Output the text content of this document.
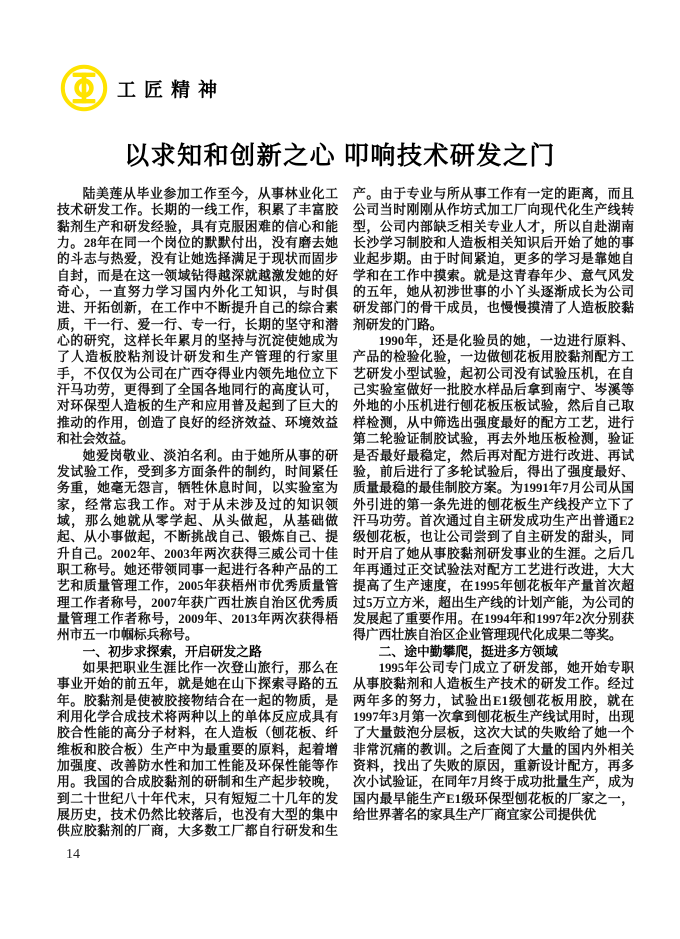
工匠精神
以求知和创新之心 叩响技术研发之门

陆美莲从毕业参加工作至今，从事林业化工技术研发工作。长期的一线工作，积累了丰富胶黏剂生产和研发经验，具有克服困难的信心和能力。28年在同一个岗位的默默付出，没有磨去她的斗志与热爱，没有让她选择满足于现状而固步自封，而是在这一领域钻得越深就越激发她的好奇心，一直努力学习国内外化工知识，与时俱进、开拓创新，在工作中不断提升自己的综合素质，干一行、爱一行、专一行，长期的坚守和潜心的研究，这样长年累月的坚持与沉淀使她成为了人造板胶粘剂设计研发和生产管理的行家里手，不仅仅为公司在广西夺得业内领先地位立下汗马功劳，更得到了全国各地同行的高度认可，对环保型人造板的生产和应用普及起到了巨大的推动的作用，创造了良好的经济效益、环境效益和社会效益。

她爱岗敬业、淡泊名利。由于她所从事的研发试验工作，受到多方面条件的制约，时间紧任务重，她毫无怨言，牺牲休息时间，以实验室为家，经常忘我工作。对于从未涉及过的知识领域，那么她就从零学起、从头做起，从基础做起、从小事做起，不断挑战自己、锻炼自己、提升自己。2002年、2003年两次获得三威公司十佳职工称号。她还带领同事一起进行各种产品的工艺和质量管理工作，2005年获梧州市优秀质量管理工作者称号，2007年获广西壮族自治区优秀质量管理工作者称号，2009年、2013年两次获得梧州市五一巾帼标兵称号。

一、初步求探索，开启研发之路

如果把职业生涯比作一次登山旅行，那么在事业开始的前五年，就是她在山下探索寻路的五年。胶黏剂是使被胶接物结合在一起的物质，是利用化学合成技术将两种以上的单体反应成具有胶合性能的高分子材料，在人造板（刨花板、纤维板和胶合板）生产中为最重要的原料，起着增加强度、改善防水性和加工性能及环保性能等作用。我国的合成胶黏剂的研制和生产起步较晚，到二十世纪八十年代末，只有短短二十几年的发展历史，技术仍然比较落后，也没有大型的集中供应胶黏剂的厂商，大多数工厂都自行研发和生产。由于专业与所从事工作有一定的距离，而且公司当时刚刚从作坊式加工厂向现代化生产线转型，公司内部缺乏相关专业人才，所以自赴湖南长沙学习制胶和人造板相关知识后开始了她的事业起步期。由于时间紧迫，更多的学习是靠她自学和在工作中摸索。就是这青春年少、意气风发的五年，她从初涉世事的小丫头逐渐成长为公司研发部门的骨干成员，也慢慢摸清了人造板胶黏剂研发的门路。

1990年，还是化验员的她，一边进行原料、产品的检验化验，一边做刨花板用胶黏剂配方工艺研发小型试验，起初公司没有试验压机，在自己实验室做好一批胶水样品后拿到南宁、岑溪等外地的小压机进行刨花板压板试验，然后自己取样检测，从中筛选出强度最好的配方工艺，进行第二轮验证制胶试验，再去外地压板检测，验证是否最好最稳定，然后再对配方进行改进、再试验，前后进行了多轮试验后，得出了强度最好、质量最稳的最佳制胶方案。为1991年7月公司从国外引进的第一条先进的刨花板生产线投产立下了汗马功劳。首次通过自主研发成功生产出普通E2级刨花板，也让公司尝到了自主研发的甜头，同时开启了她从事胶黏剂研发事业的生涯。之后几年再通过正交试验法对配方工艺进行改进，大大提高了生产速度，在1995年刨花板年产量首次超过5万立方米，超出生产线的计划产能，为公司的发展起了重要作用。在1994年和1997年2次分别获得广西壮族自治区企业管理现代化成果二等奖。

二、途中勤攀爬，挺进多方领域

1995年公司专门成立了研发部，她开始专职从事胶黏剂和人造板生产技术的研发工作。经过两年多的努力，试验出E1级刨花板用胶，就在1997年3月第一次拿到刨花板生产线试用时，出现了大量鼓泡分层板，这次大试的失败给了她一个非常沉痛的教训。之后查阅了大量的国内外相关资料，找出了失败的原因，重新设计配方，再多次小试验证，在同年7月终于成功批量生产，成为国内最早能生产E1级环保型刨花板的厂家之一，给世界著名的家具生产厂商宜家公司提供优

14
